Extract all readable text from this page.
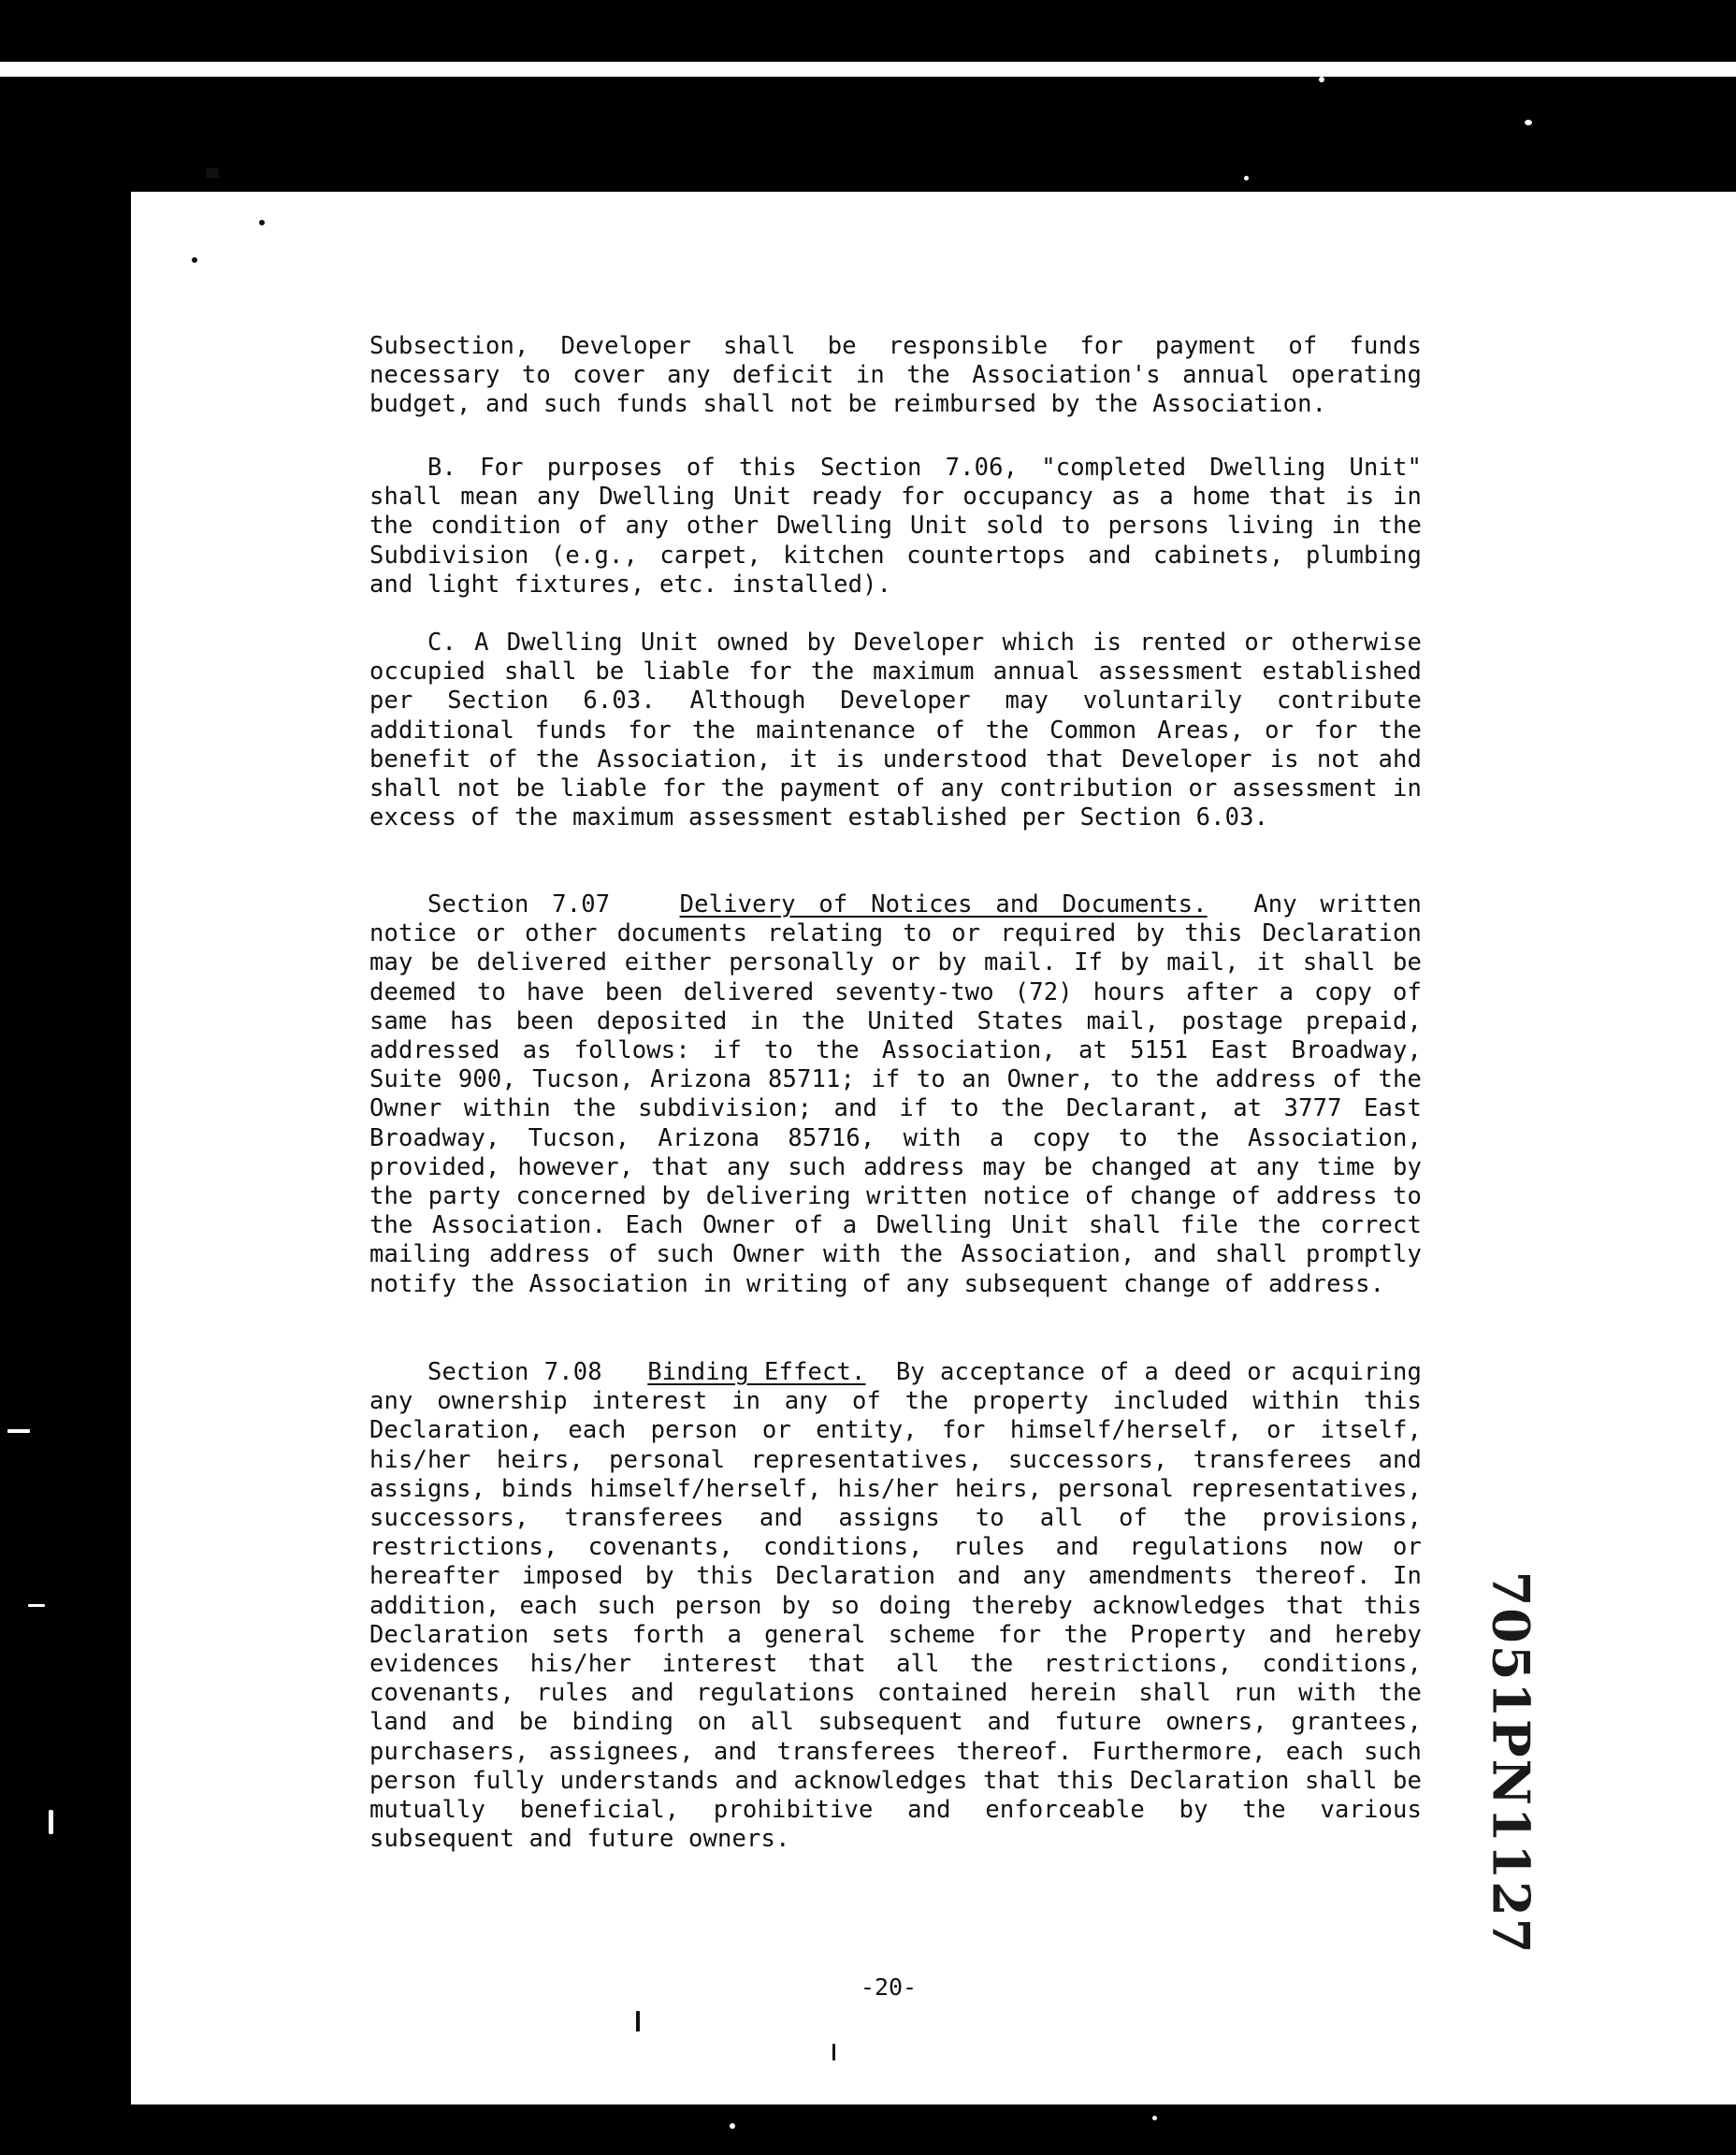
Subsection, Developer shall be responsible for payment of funds necessary to cover any deficit in the Association's annual operating budget, and such funds shall not be reimbursed by the Association.

B. For purposes of this Section 7.06, "completed Dwelling Unit" shall mean any Dwelling Unit ready for occupancy as a home that is in the condition of any other Dwelling Unit sold to persons living in the Subdivision (e.g., carpet, kitchen countertops and cabinets, plumbing and light fixtures, etc. installed).

C. A Dwelling Unit owned by Developer which is rented or otherwise occupied shall be liable for the maximum annual assessment established per Section 6.03. Although Developer may voluntarily contribute additional funds for the maintenance of the Common Areas, or for the benefit of the Association, it is understood that Developer is not ahd shall not be liable for the payment of any contribution or assessment in excess of the maximum assessment established per Section 6.03.

Section 7.07	Delivery of Notices and Documents. Any written notice or other documents relating to or required by this Declaration may be delivered either personally or by mail. If by mail, it shall be deemed to have been delivered seventy-two (72) hours after a copy of same has been deposited in the United States mail, postage prepaid, addressed as follows: if to the Association, at 5151 East Broadway, Suite 900, Tucson, Arizona 85711; if to an Owner, to the address of the Owner within the subdivision; and if to the Declarant, at 3777 East Broadway, Tucson, Arizona 85716, with a copy to the Association, provided, however, that any such address may be changed at any time by the party concerned by delivering written notice of change of address to the Association. Each Owner of a Dwelling Unit shall file the correct mailing address of such Owner with the Association, and shall promptly notify the Association in writing of any subsequent change of address.

Section 7.08 Binding Effect. By acceptance of a deed or acquiring any ownership interest in any of the property included within this Declaration, each person or entity, for himself/herself, or itself, his/her heirs, personal representatives, successors, transferees and assigns, binds himself/herself, his/her heirs, personal representatives, successors, transferees and assigns to all of the provisions, restrictions, covenants, conditions, rules and regulations now or hereafter imposed by this Declaration and any amendments thereof. In addition, each such person by so doing thereby acknowledges that this Declaration sets forth a general scheme for the Property and hereby evidences his/her interest that all the restrictions, conditions, covenants, rules and regulations contained herein shall run with the land and be binding on all subsequent and future owners, grantees, purchasers, assignees, and transferees thereof. Furthermore, each such person fully understands and acknowledges that this Declaration shall be mutually beneficial, prohibitive and enforceable by the various subsequent and future owners.

-20-
7051PN1127
